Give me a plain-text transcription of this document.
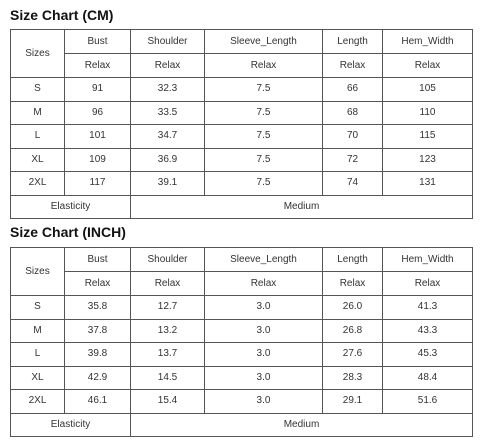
Size Chart (CM)
Sizes	Bust	Shoulder	Sleeve_Length	Length	Hem_Width
	Relax	Relax	Relax	Relax	Relax
S	91	32.3	7.5	66	105
M	96	33.5	7.5	68	110
L	101	34.7	7.5	70	115
XL	109	36.9	7.5	72	123
2XL	117	39.1	7.5	74	131
Elasticity		Medium			
Size Chart (INCH)
Sizes	Bust	Shoulder	Sleeve_Length	Length	Hem_Width
	Relax	Relax	Relax	Relax	Relax
S	35.8	12.7	3.0	26.0	41.3
M	37.8	13.2	3.0	26.8	43.3
L	39.8	13.7	3.0	27.6	45.3
XL	42.9	14.5	3.0	28.3	48.4
2XL	46.1	15.4	3.0	29.1	51.6
Elasticity		Medium			
